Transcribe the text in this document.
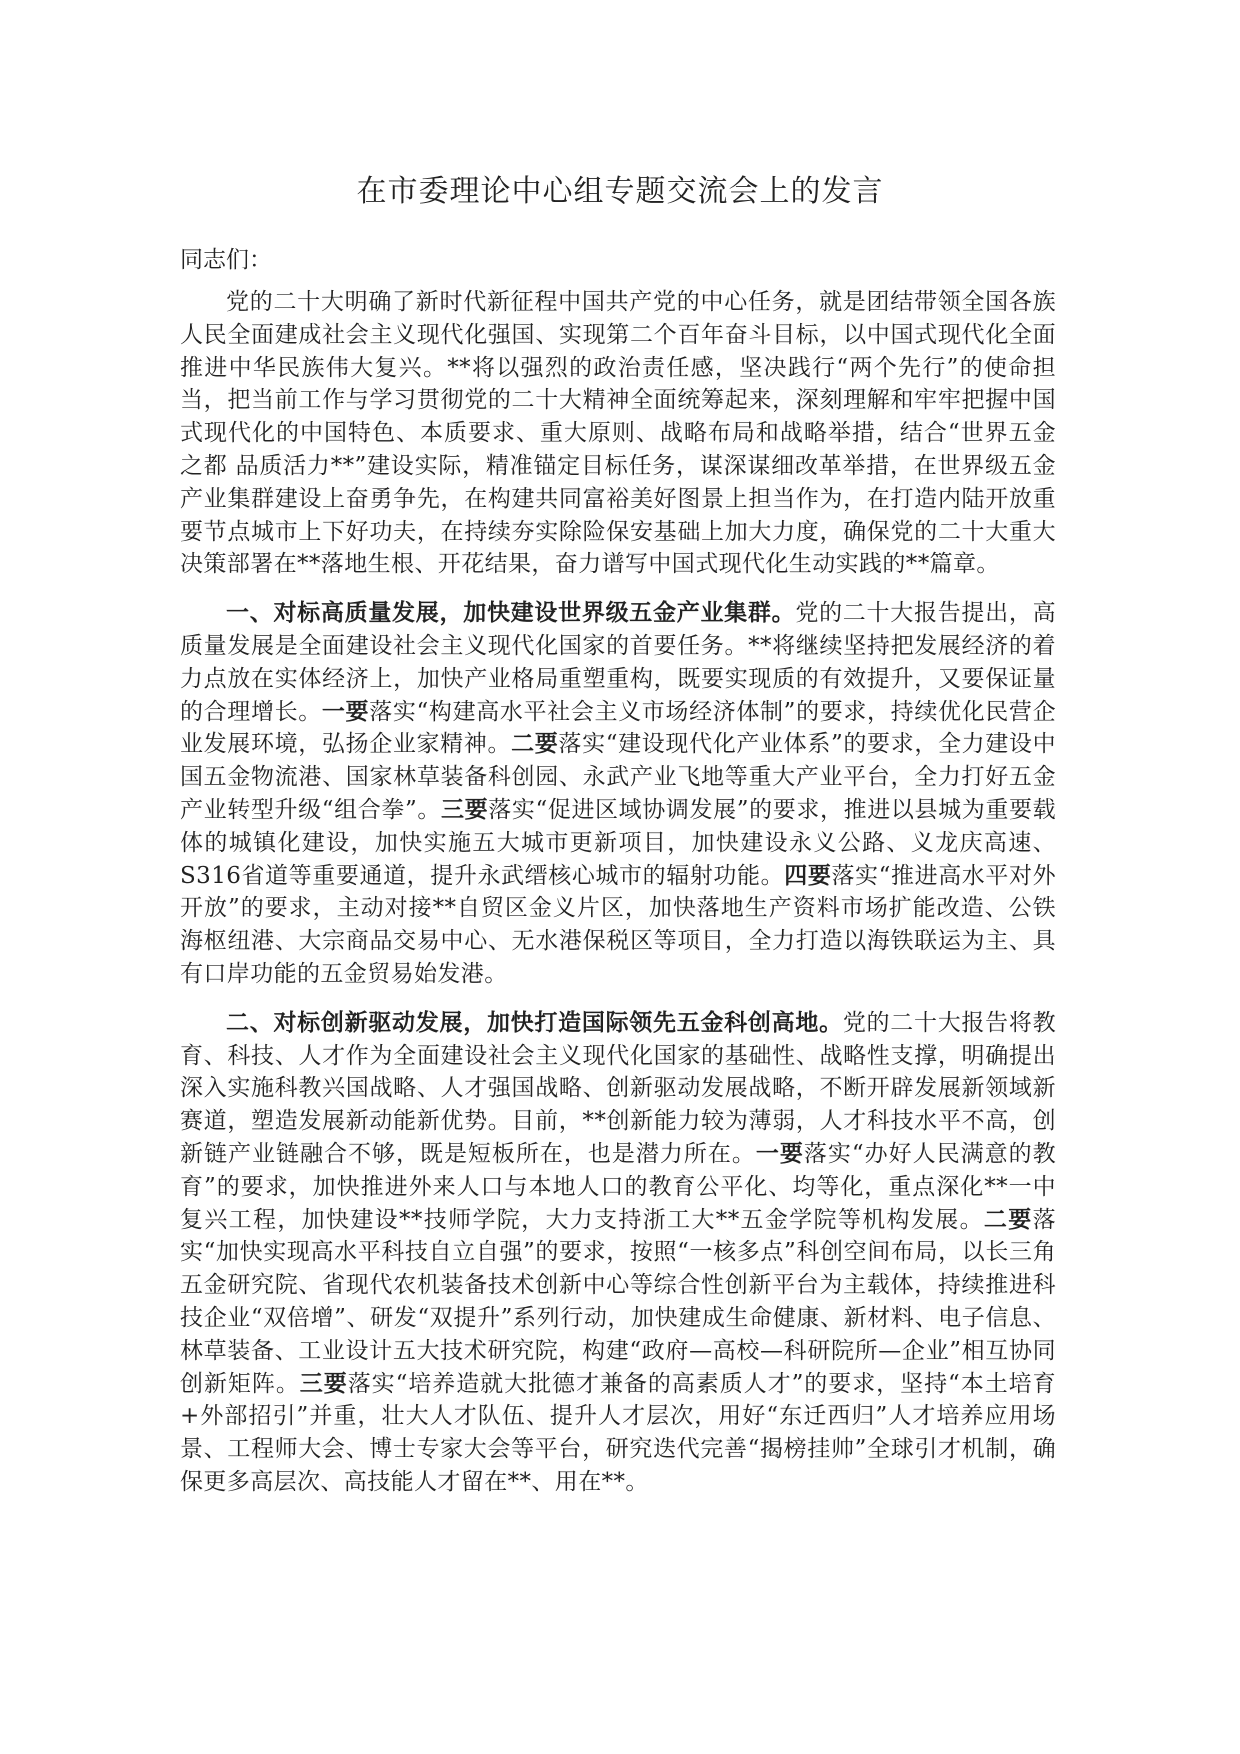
在市委理论中心组专题交流会上的发言

同志们：

党的二十大明确了新时代新征程中国共产党的中心任务，就是团结带领全国各族人民全面建成社会主义现代化强国、实现第二个百年奋斗目标，以中国式现代化全面推进中华民族伟大复兴。**将以强烈的政治责任感，坚决践行“两个先行”的使命担当，把当前工作与学习贯彻党的二十大精神全面统筹起来，深刻理解和牢牢把握中国式现代化的中国特色、本质要求、重大原则、战略布局和战略举措，结合“世界五金之都 品质活力**”建设实际，精准锚定目标任务，谋深谋细改革举措，在世界级五金产业集群建设上奋勇争先，在构建共同富裕美好图景上担当作为，在打造内陆开放重要节点城市上下好功夫，在持续夯实除险保安基础上加大力度，确保党的二十大重大决策部署在**落地生根、开花结果，奋力谱写中国式现代化生动实践的**篇章。

一、对标高质量发展，加快建设世界级五金产业集群。党的二十大报告提出，高质量发展是全面建设社会主义现代化国家的首要任务。**将继续坚持把发展经济的着力点放在实体经济上，加快产业格局重塑重构，既要实现质的有效提升，又要保证量的合理增长。一要落实“构建高水平社会主义市场经济体制”的要求，持续优化民营企业发展环境，弘扬企业家精神。二要落实“建设现代化产业体系”的要求，全力建设中国五金物流港、国家林草装备科创园、永武产业飞地等重大产业平台，全力打好五金产业转型升级“组合拳”。三要落实“促进区域协调发展”的要求，推进以县城为重要载体的城镇化建设，加快实施五大城市更新项目，加快建设永义公路、义龙庆高速、S316省道等重要通道，提升永武缙核心城市的辐射功能。四要落实“推进高水平对外开放”的要求，主动对接**自贸区金义片区，加快落地生产资料市场扩能改造、公铁海枢纽港、大宗商品交易中心、无水港保税区等项目，全力打造以海铁联运为主、具有口岸功能的五金贸易始发港。

二、对标创新驱动发展，加快打造国际领先五金科创高地。党的二十大报告将教育、科技、人才作为全面建设社会主义现代化国家的基础性、战略性支撑，明确提出深入实施科教兴国战略、人才强国战略、创新驱动发展战略，不断开辟发展新领域新赛道，塑造发展新动能新优势。目前，**创新能力较为薄弱，人才科技水平不高，创新链产业链融合不够，既是短板所在，也是潜力所在。一要落实“办好人民满意的教育”的要求，加快推进外来人口与本地人口的教育公平化、均等化，重点深化**一中复兴工程，加快建设**技师学院，大力支持浙工大**五金学院等机构发展。二要落实“加快实现高水平科技自立自强”的要求，按照“一核多点”科创空间布局，以长三角五金研究院、省现代农机装备技术创新中心等综合性创新平台为主载体，持续推进科技企业“双倍增”、研发“双提升”系列行动，加快建成生命健康、新材料、电子信息、林草装备、工业设计五大技术研究院，构建“政府—高校—科研院所—企业”相互协同创新矩阵。三要落实“培养造就大批德才兼备的高素质人才”的要求，坚持“本土培育+外部招引”并重，壮大人才队伍、提升人才层次，用好“东迁西归”人才培养应用场景、工程师大会、博士专家大会等平台，研究迭代完善“揭榜挂帅”全球引才机制，确保更多高层次、高技能人才留在**、用在**。
